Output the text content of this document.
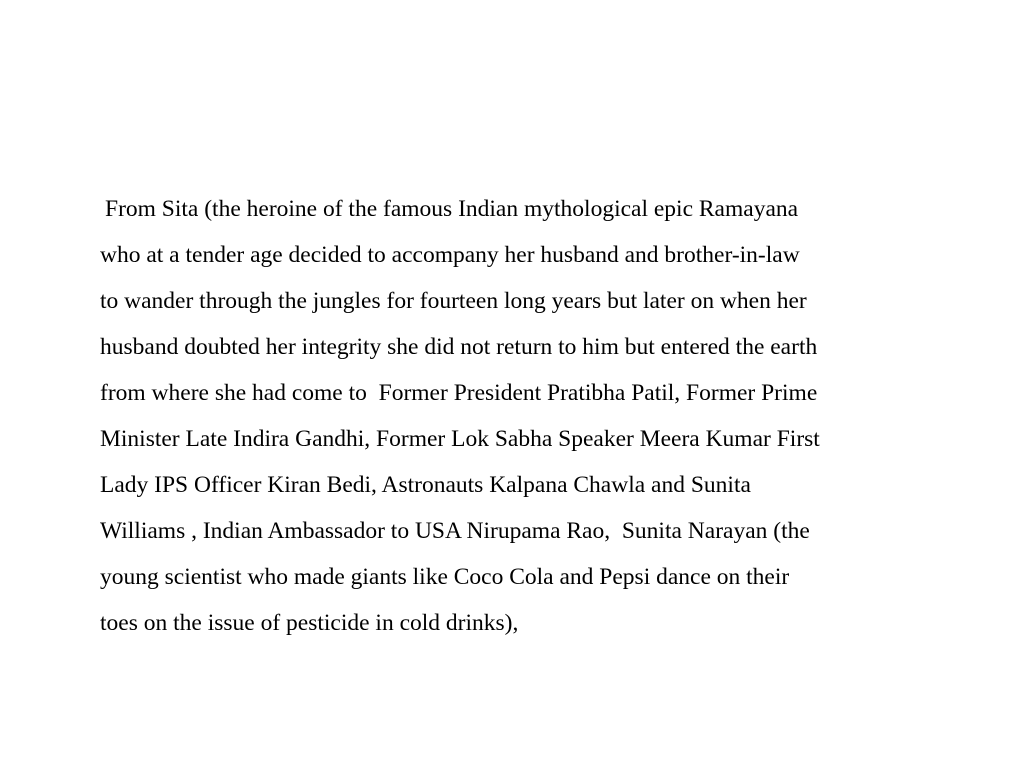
From Sita (the heroine of the famous Indian mythological epic Ramayana
who at a tender age decided to accompany her husband and brother-in-law
to wander through the jungles for fourteen long years but later on when her
husband doubted her integrity she did not return to him but entered the earth
from where she had come to  Former President Pratibha Patil, Former Prime
Minister Late Indira Gandhi, Former Lok Sabha Speaker Meera Kumar First
Lady IPS Officer Kiran Bedi, Astronauts Kalpana Chawla and Sunita
Williams , Indian Ambassador to USA Nirupama Rao,  Sunita Narayan (the
young scientist who made giants like Coco Cola and Pepsi dance on their
toes on the issue of pesticide in cold drinks),
